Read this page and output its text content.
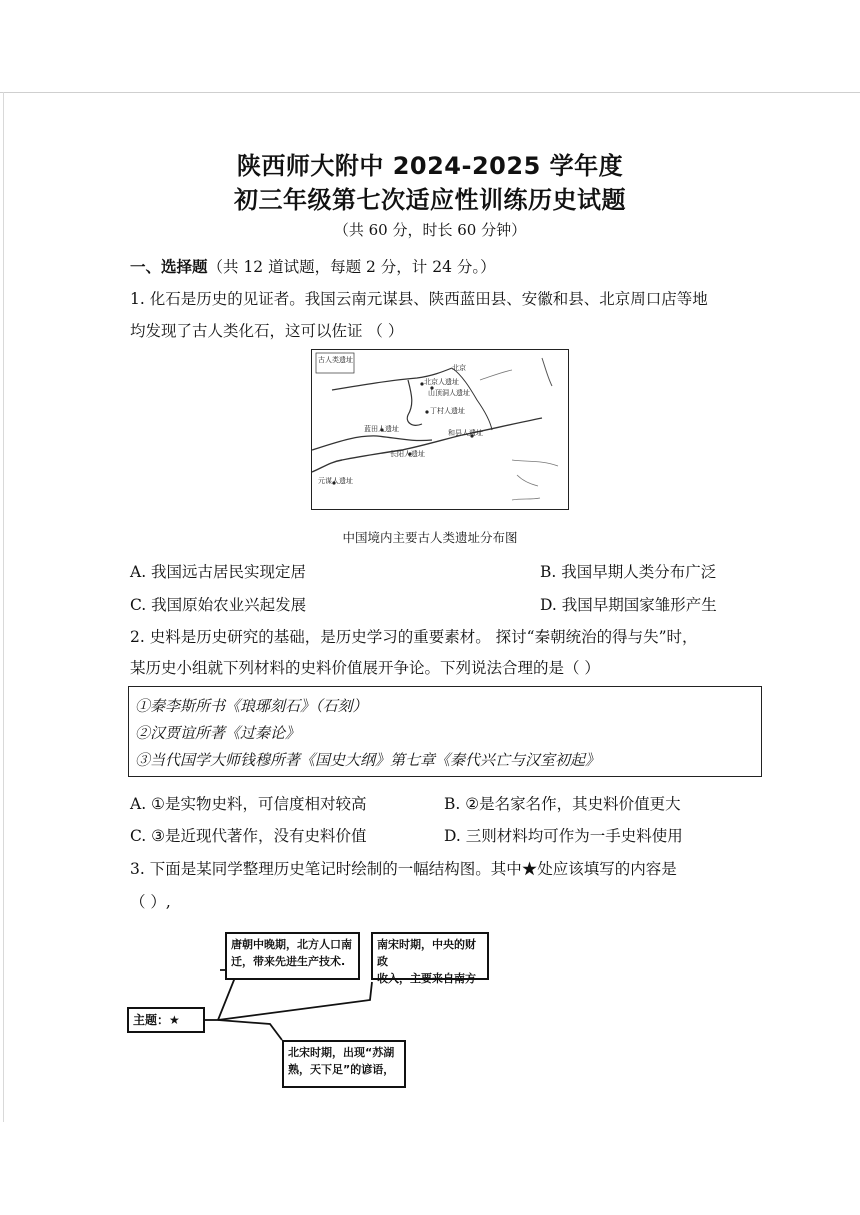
陕西师大附中 2024-2025 学年度
初三年级第七次适应性训练历史试题
（共 60 分，时长 60 分钟）
一、选择题（共 12 道试题，每题 2 分，计 24 分。）
1. 化石是历史的见证者。我国云南元谋县、陕西蓝田县、安徽和县、北京周口店等地
均发现了古人类化石，这可以佐证 （ ）
古人类遗址
北京
北京人遗址
山顶洞人遗址
丁村人遗址
蓝田人遗址	和县人遗址
长阳人遗址
元谋人遗址
中国境内主要古人类遗址分布图
A. 我国远古居民实现定居	B. 我国早期人类分布广泛
C. 我国原始农业兴起发展	D. 我国早期国家雏形产生
2. 史料是历史研究的基础，是历史学习的重要素材。 探讨“秦朝统治的得与失”时，
某历史小组就下列材料的史料价值展开争论。下列说法合理的是（ ）
①秦李斯所书《琅琊刻石》（石刻）
②汉贾谊所著《过秦论》
③当代国学大师钱穆所著《国史大纲》第七章《秦代兴亡与汉室初起》
A. ①是实物史料，可信度相对较高	B. ②是名家名作，其史料价值更大
C. ③是近现代著作，没有史料价值	D. 三则材料均可作为一手史料使用
3. 下面是某同学整理历史笔记时绘制的一幅结构图。其中★处应该填写的内容是
（ ）,
主题：★
唐朝中晚期，北方人口南
迁，带来先进生产技术.
南宋时期，中央的财政
收入，主要来自南方
北宋时期，出现“苏湖
熟，天下足”的谚语，
